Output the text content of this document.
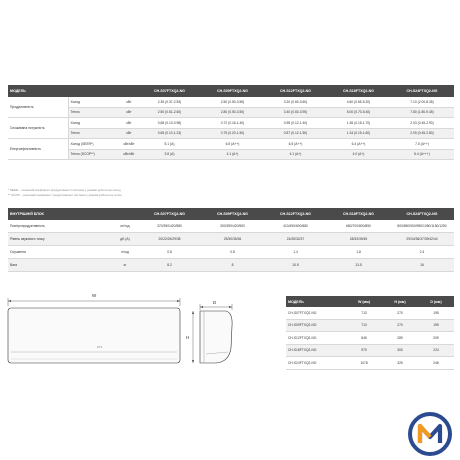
МОДЕЛЬ			CH-S07FTXQ2-NG	CH-S09FTXQ2-NG	CH-S12FTXQ2-NG	CH-S18FTXQ2-NG	CH-S24FTXQ2-NG
Продуктивність	Холод	кВт	2.35 (0.37-2.53)	2.50 (0.50-3.55)	3.20 (0.60-3.60)	4.60 (0.65-5.20)	7.10 (2.00-8.35)
	Тепло	кВт	2.50 (0.51-2.60)	2.80 (0.50-3.50)	3.40 (0.60-3.90)	5.00 (0.70-5.40)	7.80 (1.80-9.45)
Споживана потужність	Холод	кВт	0.68 (0.10-0.98)	0.72 (0.16-1.40)	0.95 (0.12-1.40)	1.36 (0.15-1.70)	2.03 (0.45-2.90)
	Тепло	кВт	0.65 (0.10-1.23)	0.75 (0.20-1.50)	0.87 (0.12-1.50)	1.34 (0.15-1.60)	2.09 (0.45-2.80)
Енергоефективність	Холод (SEER*)	кВт/кВт	5.1 (A)	6.5 (A++)	6.5 (A++)	6.4 (A++)	7.0 (A++)
	Тепло (SCOP**)	кВт/кВт	3.8 (A)	4.1 (A+)	4.1 (A+)	4.0 (A+)	5.4 (A+++)
* SEER – сезонний коефіцієнт продуктивності системи у режимі роботи на холод
** SCOP – сезонний коефіцієнт продуктивності системи у режимі роботи на тепло
ВНУТРІШНІЙ БЛОК		CH-S07FTXQ2-NG	CH-S09FTXQ2-NG	CH-S12FTXQ2-NG	CH-S18FTXQ2-NG	CH-S24FTXQ2-NG
Повітропродуктивність	м³/год	370/390/420/580	300/390/420/500	410/490/600/680	680/700/800/850	800/850/900/950/1050/1150/1250
Рівень звукового тиску	дБ (А)	20/22/25/29/38	25/30/35/36	24/28/32/37	28/33/39/45	29/34/36/37/39/42/44
Осушення	л/год	0.8	0.8	1.4	1.8	2.4
Вага	кг	8.2	8	10.5	13.5	16
W
ZYL
D
H
МОДЕЛЬ	W (мм)	H (мм)	D (мм)
CH-S07FTXQ2-NG	713	270	195
CH-S09FTXQ2-NG	713	270	195
CH-S12FTXQ2-NG	845	289	209
CH-S18FTXQ2-NG	970	300	224
CH-S24FTXQ2-NG	1078	325	246
